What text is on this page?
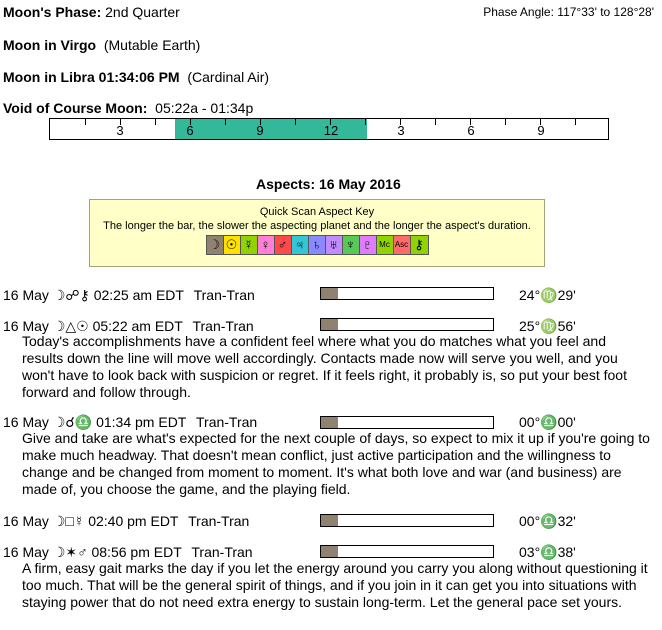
Moon's Phase: 2nd Quarter	Phase Angle: 117°33' to 128°28'
Moon in Virgo (Mutable Earth)
Moon in Libra 01:34:06 PM (Cardinal Air)
Void of Course Moon: 05:22a - 01:34p
3	6	9	12	3	6	9
Aspects: 16 May 2016
Quick Scan Aspect Key
The longer the bar, the slower the aspecting planet and the longer the aspect's duration.
☽ ☉ ☿ ♀ ♂ ♃ ♄ ♅ ♆ ♇ Mc Asc ⚷
16 May ☽☍⚷ 02:25 am EDT Tran-Tran	24°♍29'
16 May ☽△☉ 05:22 am EDT Tran-Tran	25°♍56'
Today's accomplishments have a confident feel where what you do matches what you feel and results down the line will move well accordingly. Contacts made now will serve you well, and you won't have to look back with suspicion or regret. If it feels right, it probably is, so put your best foot forward and follow through.
16 May ☽☌♎ 01:34 pm EDT Tran-Tran	00°♎00'
Give and take are what's expected for the next couple of days, so expect to mix it up if you're going to make much headway. That doesn't mean conflict, just active participation and the willingness to change and be changed from moment to moment. It's what both love and war (and business) are made of, you choose the game, and the playing field.
16 May ☽□☿ 02:40 pm EDT Tran-Tran	00°♎32'
16 May ☽✶♂ 08:56 pm EDT Tran-Tran	03°♎38'
A firm, easy gait marks the day if you let the energy around you carry you along without questioning it too much. That will be the general spirit of things, and if you join in it can get you into situations with staying power that do not need extra energy to sustain long-term. Let the general pace set yours.
